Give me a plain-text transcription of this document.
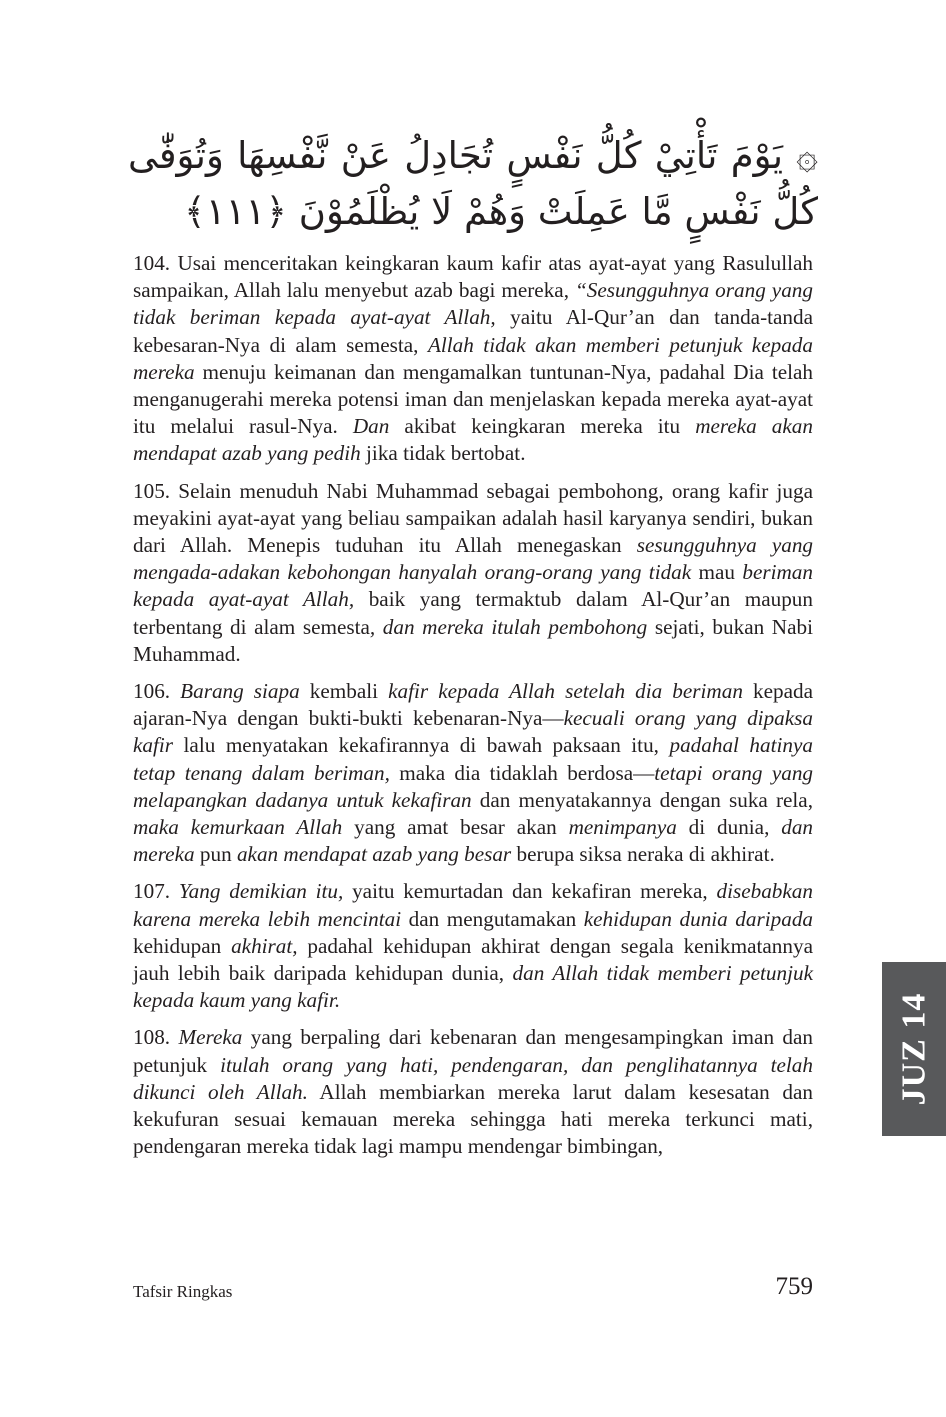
۞ يَوْمَ تَأْتِيْ كُلُّ نَفْسٍ تُجَادِلُ عَنْ نَّفْسِهَا وَتُوَفّٰى كُلُّ نَفْسٍ مَّا عَمِلَتْ وَهُمْ لَا يُظْلَمُوْنَ ﴿١١١﴾

104. Usai menceritakan keingkaran kaum kafir atas ayat-ayat yang Rasulullah sampaikan, Allah lalu menyebut azab bagi mereka, “Sesungguhnya orang yang tidak beriman kepada ayat-ayat Allah, yaitu Al-Qur’an dan tanda-tanda kebesaran-Nya di alam semesta, Allah tidak akan memberi petunjuk kepada mereka menuju keimanan dan mengamalkan tuntunan-Nya, padahal Dia telah menganugerahi mereka potensi iman dan menjelaskan kepada mereka ayat-ayat itu melalui rasul-Nya. Dan akibat keingkaran mereka itu mereka akan mendapat azab yang pedih jika tidak bertobat.

105. Selain menuduh Nabi Muhammad sebagai pembohong, orang kafir juga meyakini ayat-ayat yang beliau sampaikan adalah hasil karyanya sendiri, bukan dari Allah. Menepis tuduhan itu Allah menegaskan sesungguhnya yang mengada-adakan kebohongan hanyalah orang-orang yang tidak mau beriman kepada ayat-ayat Allah, baik yang termaktub dalam Al-Qur’an maupun terbentang di alam semesta, dan mereka itulah pembohong sejati, bukan Nabi Muhammad.

106. Barang siapa kembali kafir kepada Allah setelah dia beriman kepada ajaran-Nya dengan bukti-bukti kebenaran-Nya—kecuali orang yang dipaksa kafir lalu menyatakan kekafirannya di bawah paksaan itu, padahal hatinya tetap tenang dalam beriman, maka dia tidaklah berdosa—tetapi orang yang melapangkan dadanya untuk kekafiran dan menyatakannya dengan suka rela, maka kemurkaan Allah yang amat besar akan menimpanya di dunia, dan mereka pun akan mendapat azab yang besar berupa siksa neraka di akhirat.

107. Yang demikian itu, yaitu kemurtadan dan kekafiran mereka, disebabkan karena mereka lebih mencintai dan mengutamakan kehidupan dunia daripada kehidupan akhirat, padahal kehidupan akhirat dengan segala kenikmatannya jauh lebih baik daripada kehidupan dunia, dan Allah tidak memberi petunjuk kepada kaum yang kafir.

108. Mereka yang berpaling dari kebenaran dan mengesampingkan iman dan petunjuk itulah orang yang hati, pendengaran, dan penglihatannya telah dikunci oleh Allah. Allah membiarkan mereka larut dalam kesesatan dan kekufuran sesuai kemauan mereka sehingga hati mereka terkunci mati, pendengaran mereka tidak lagi mampu mendengar bimbingan,

JUZ 14
Tafsir Ringkas	759
